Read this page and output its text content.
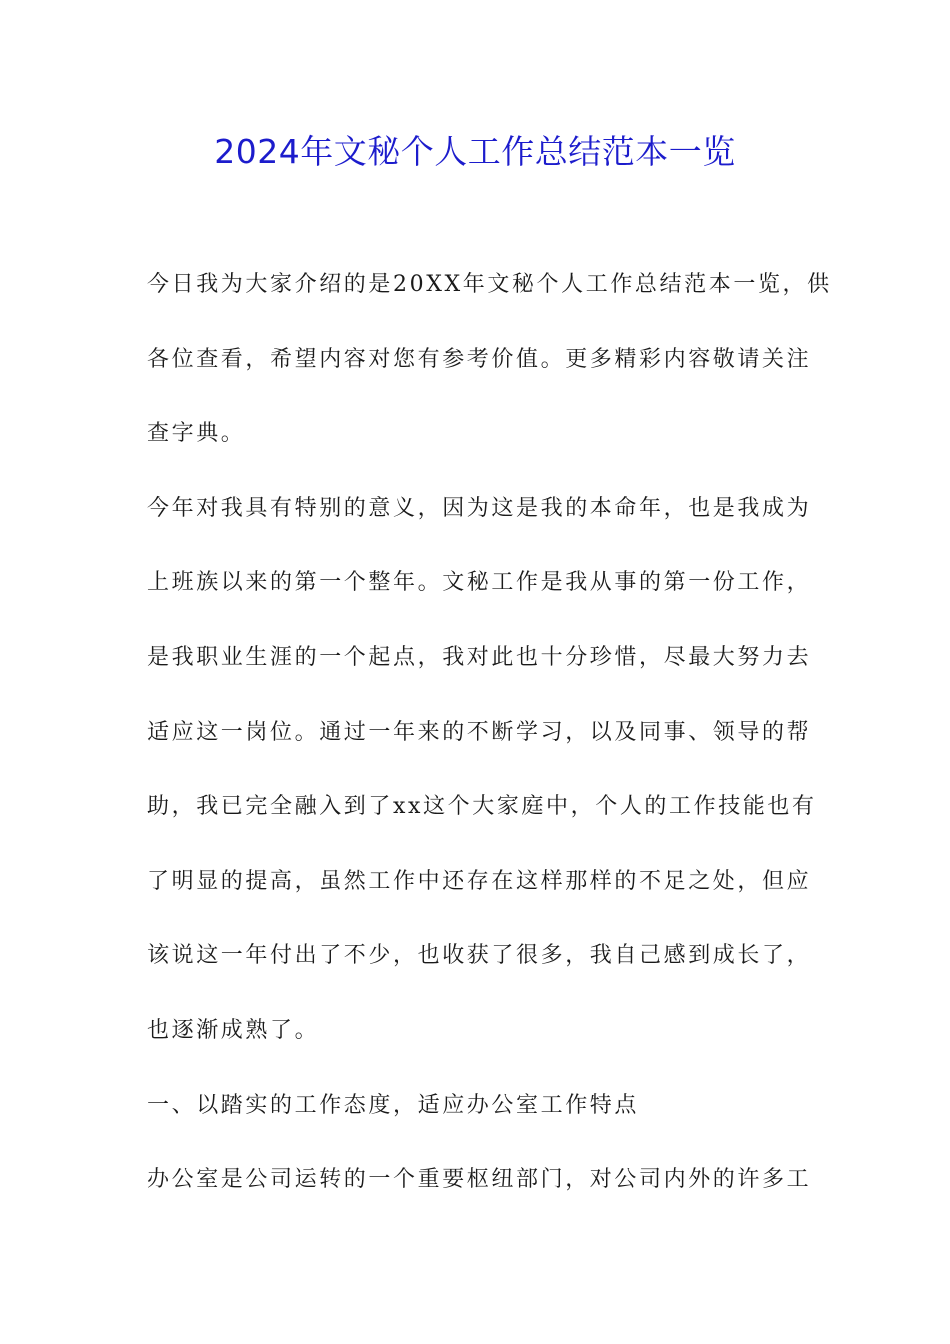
2024年文秘个人工作总结范本一览
今日我为大家介绍的是20XX年文秘个人工作总结范本一览，供
各位查看，希望内容对您有参考价值。更多精彩内容敬请关注
查字典。
今年对我具有特别的意义，因为这是我的本命年，也是我成为
上班族以来的第一个整年。文秘工作是我从事的第一份工作，
是我职业生涯的一个起点，我对此也十分珍惜，尽最大努力去
适应这一岗位。通过一年来的不断学习，以及同事、领导的帮
助，我已完全融入到了xx这个大家庭中，个人的工作技能也有
了明显的提高，虽然工作中还存在这样那样的不足之处，但应
该说这一年付出了不少，也收获了很多，我自己感到成长了，
也逐渐成熟了。
一、以踏实的工作态度，适应办公室工作特点
办公室是公司运转的一个重要枢纽部门，对公司内外的许多工
